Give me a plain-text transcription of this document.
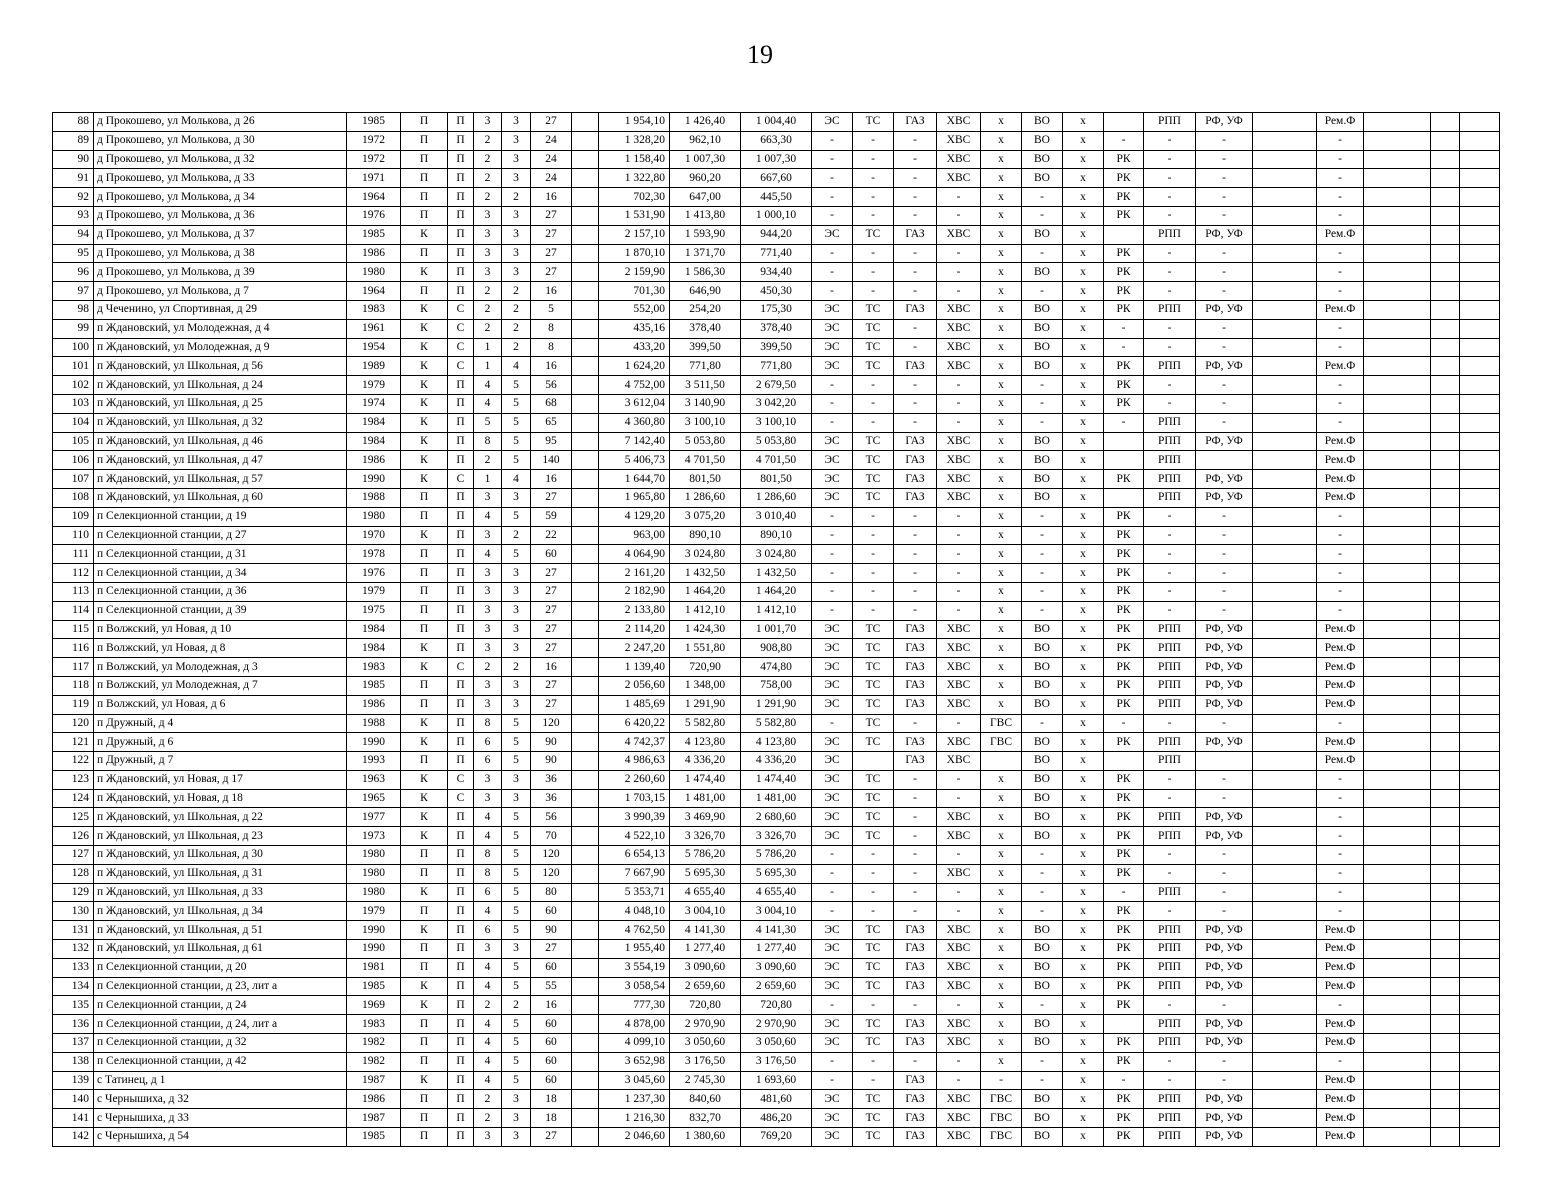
19
88	д Прокошево, ул Молькова, д 26	1985	П	П	3	3	27		1 954,10	1 426,40	1 004,40	ЭС	ТС	ГАЗ	ХВС	х	ВО	х		РПП	РФ, УФ		Рем.Ф			
89	д Прокошево, ул Молькова, д 30	1972	П	П	2	3	24		1 328,20	962,10	663,30	-	-	-	ХВС	х	ВО	х	-	-	-		-			
90	д Прокошево, ул Молькова, д 32	1972	П	П	2	3	24		1 158,40	1 007,30	1 007,30	-	-	-	ХВС	х	ВО	х	РК	-	-		-			
91	д Прокошево, ул Молькова, д 33	1971	П	П	2	3	24		1 322,80	960,20	667,60	-	-	-	ХВС	х	ВО	х	РК	-	-		-			
92	д Прокошево, ул Молькова, д 34	1964	П	П	2	2	16		702,30	647,00	445,50	-	-	-	-	х	-	х	РК	-	-		-			
93	д Прокошево, ул Молькова, д 36	1976	П	П	3	3	27		1 531,90	1 413,80	1 000,10	-	-	-	-	х	-	х	РК	-	-		-			
94	д Прокошево, ул Молькова, д 37	1985	К	П	3	3	27		2 157,10	1 593,90	944,20	ЭС	ТС	ГАЗ	ХВС	х	ВО	х		РПП	РФ, УФ		Рем.Ф			
95	д Прокошево, ул Молькова, д 38	1986	П	П	3	3	27		1 870,10	1 371,70	771,40	-	-	-	-	х	-	х	РК	-	-		-			
96	д Прокошево, ул Молькова, д 39	1980	К	П	3	3	27		2 159,90	1 586,30	934,40	-	-	-	-	х	ВО	х	РК	-	-		-			
97	д Прокошево, ул Молькова, д 7	1964	П	П	2	2	16		701,30	646,90	450,30	-	-	-	-	х	-	х	РК	-	-		-			
98	д Чеченино, ул Спортивная, д 29	1983	К	С	2	2	5		552,00	254,20	175,30	ЭС	ТС	ГАЗ	ХВС	х	ВО	х	РК	РПП	РФ, УФ		Рем.Ф			
99	п Ждановский, ул Молодежная, д 4	1961	К	С	2	2	8		435,16	378,40	378,40	ЭС	ТС	-	ХВС	х	ВО	х	-	-	-		-			
100	п Ждановский, ул Молодежная, д 9	1954	К	С	1	2	8		433,20	399,50	399,50	ЭС	ТС	-	ХВС	х	ВО	х	-	-	-		-			
101	п Ждановский, ул Школьная, д 56	1989	К	С	1	4	16		1 624,20	771,80	771,80	ЭС	ТС	ГАЗ	ХВС	х	ВО	х	РК	РПП	РФ, УФ		Рем.Ф			
102	п Ждановский, ул Школьная, д 24	1979	К	П	4	5	56		4 752,00	3 511,50	2 679,50	-	-	-	-	х	-	х	РК	-	-		-			
103	п Ждановский, ул Школьная, д 25	1974	К	П	4	5	68		3 612,04	3 140,90	3 042,20	-	-	-	-	х	-	х	РК	-	-		-			
104	п Ждановский, ул Школьная, д 32	1984	К	П	5	5	65		4 360,80	3 100,10	3 100,10	-	-	-	-	х	-	х	-	РПП	-		-			
105	п Ждановский, ул Школьная, д 46	1984	К	П	8	5	95		7 142,40	5 053,80	5 053,80	ЭС	ТС	ГАЗ	ХВС	х	ВО	х		РПП	РФ, УФ		Рем.Ф			
106	п Ждановский, ул Школьная, д 47	1986	К	П	2	5	140		5 406,73	4 701,50	4 701,50	ЭС	ТС	ГАЗ	ХВС	х	ВО	х		РПП			Рем.Ф			
107	п Ждановский, ул Школьная, д 57	1990	К	С	1	4	16		1 644,70	801,50	801,50	ЭС	ТС	ГАЗ	ХВС	х	ВО	х	РК	РПП	РФ, УФ		Рем.Ф			
108	п Ждановский, ул Школьная, д 60	1988	П	П	3	3	27		1 965,80	1 286,60	1 286,60	ЭС	ТС	ГАЗ	ХВС	х	ВО	х		РПП	РФ, УФ		Рем.Ф			
109	п Селекционной станции, д 19	1980	П	П	4	5	59		4 129,20	3 075,20	3 010,40	-	-	-	-	х	-	х	РК	-	-		-			
110	п Селекционной станции, д 27	1970	К	П	3	2	22		963,00	890,10	890,10	-	-	-	-	х	-	х	РК	-	-		-			
111	п Селекционной станции, д 31	1978	П	П	4	5	60		4 064,90	3 024,80	3 024,80	-	-	-	-	х	-	х	РК	-	-		-			
112	п Селекционной станции, д 34	1976	П	П	3	3	27		2 161,20	1 432,50	1 432,50	-	-	-	-	х	-	х	РК	-	-		-			
113	п Селекционной станции, д 36	1979	П	П	3	3	27		2 182,90	1 464,20	1 464,20	-	-	-	-	х	-	х	РК	-	-		-			
114	п Селекционной станции, д 39	1975	П	П	3	3	27		2 133,80	1 412,10	1 412,10	-	-	-	-	х	-	х	РК	-	-		-			
115	п Волжский, ул Новая, д 10	1984	П	П	3	3	27		2 114,20	1 424,30	1 001,70	ЭС	ТС	ГАЗ	ХВС	х	ВО	х	РК	РПП	РФ, УФ		Рем.Ф			
116	п Волжский, ул Новая, д 8	1984	К	П	3	3	27		2 247,20	1 551,80	908,80	ЭС	ТС	ГАЗ	ХВС	х	ВО	х	РК	РПП	РФ, УФ		Рем.Ф			
117	п Волжский, ул Молодежная, д 3	1983	К	С	2	2	16		1 139,40	720,90	474,80	ЭС	ТС	ГАЗ	ХВС	х	ВО	х	РК	РПП	РФ, УФ		Рем.Ф			
118	п Волжский, ул Молодежная, д 7	1985	П	П	3	3	27		2 056,60	1 348,00	758,00	ЭС	ТС	ГАЗ	ХВС	х	ВО	х	РК	РПП	РФ, УФ		Рем.Ф			
119	п Волжский, ул Новая, д 6	1986	П	П	3	3	27		1 485,69	1 291,90	1 291,90	ЭС	ТС	ГАЗ	ХВС	х	ВО	х	РК	РПП	РФ, УФ		Рем.Ф			
120	п Дружный, д 4	1988	К	П	8	5	120		6 420,22	5 582,80	5 582,80	-	ТС	-	-	ГВС	-	х	-	-	-		-			
121	п Дружный, д 6	1990	К	П	6	5	90		4 742,37	4 123,80	4 123,80	ЭС	ТС	ГАЗ	ХВС	ГВС	ВО	х	РК	РПП	РФ, УФ		Рем.Ф			
122	п Дружный, д 7	1993	П	П	6	5	90		4 986,63	4 336,20	4 336,20	ЭС		ГАЗ	ХВС		ВО	х		РПП			Рем.Ф			
123	п Ждановский, ул Новая, д 17	1963	К	С	3	3	36		2 260,60	1 474,40	1 474,40	ЭС	ТС	-	-	х	ВО	х	РК	-	-		-			
124	п Ждановский, ул Новая, д 18	1965	К	С	3	3	36		1 703,15	1 481,00	1 481,00	ЭС	ТС	-	-	х	ВО	х	РК	-	-		-			
125	п Ждановский, ул Школьная, д 22	1977	К	П	4	5	56		3 990,39	3 469,90	2 680,60	ЭС	ТС	-	ХВС	х	ВО	х	РК	РПП	РФ, УФ		-			
126	п Ждановский, ул Школьная, д 23	1973	К	П	4	5	70		4 522,10	3 326,70	3 326,70	ЭС	ТС	-	ХВС	х	ВО	х	РК	РПП	РФ, УФ		-			
127	п Ждановский, ул Школьная, д 30	1980	П	П	8	5	120		6 654,13	5 786,20	5 786,20	-	-	-	-	х	-	х	РК	-	-		-			
128	п Ждановский, ул Школьная, д 31	1980	П	П	8	5	120		7 667,90	5 695,30	5 695,30	-	-	-	ХВС	х	-	х	РК	-	-		-			
129	п Ждановский, ул Школьная, д 33	1980	К	П	6	5	80		5 353,71	4 655,40	4 655,40	-	-	-	-	х	-	х	-	РПП	-		-			
130	п Ждановский, ул Школьная, д 34	1979	П	П	4	5	60		4 048,10	3 004,10	3 004,10	-	-	-	-	х	-	х	РК	-	-		-			
131	п Ждановский, ул Школьная, д 51	1990	К	П	6	5	90		4 762,50	4 141,30	4 141,30	ЭС	ТС	ГАЗ	ХВС	х	ВО	х	РК	РПП	РФ, УФ		Рем.Ф			
132	п Ждановский, ул Школьная, д 61	1990	П	П	3	3	27		1 955,40	1 277,40	1 277,40	ЭС	ТС	ГАЗ	ХВС	х	ВО	х	РК	РПП	РФ, УФ		Рем.Ф			
133	п Селекционной станции, д 20	1981	П	П	4	5	60		3 554,19	3 090,60	3 090,60	ЭС	ТС	ГАЗ	ХВС	х	ВО	х	РК	РПП	РФ, УФ		Рем.Ф			
134	п Селекционной станции, д 23, лит а	1985	К	П	4	5	55		3 058,54	2 659,60	2 659,60	ЭС	ТС	ГАЗ	ХВС	х	ВО	х	РК	РПП	РФ, УФ		Рем.Ф			
135	п Селекционной станции, д 24	1969	К	П	2	2	16		777,30	720,80	720,80	-	-	-	-	х	-	х	РК	-	-		-			
136	п Селекционной станции, д 24, лит а	1983	П	П	4	5	60		4 878,00	2 970,90	2 970,90	ЭС	ТС	ГАЗ	ХВС	х	ВО	х		РПП	РФ, УФ		Рем.Ф			
137	п Селекционной станции, д 32	1982	П	П	4	5	60		4 099,10	3 050,60	3 050,60	ЭС	ТС	ГАЗ	ХВС	х	ВО	х	РК	РПП	РФ, УФ		Рем.Ф			
138	п Селекционной станции, д 42	1982	П	П	4	5	60		3 652,98	3 176,50	3 176,50	-	-	-	-	х	-	х	РК	-	-		-			
139	с Татинец, д 1	1987	К	П	4	5	60		3 045,60	2 745,30	1 693,60	-	-	ГАЗ	-	-	-	х	-	-	-		Рем.Ф			
140	с Чернышиха, д 32	1986	П	П	2	3	18		1 237,30	840,60	481,60	ЭС	ТС	ГАЗ	ХВС	ГВС	ВО	х	РК	РПП	РФ, УФ		Рем.Ф			
141	с Чернышиха, д 33	1987	П	П	2	3	18		1 216,30	832,70	486,20	ЭС	ТС	ГАЗ	ХВС	ГВС	ВО	х	РК	РПП	РФ, УФ		Рем.Ф			
142	с Чернышиха, д 54	1985	П	П	3	3	27		2 046,60	1 380,60	769,20	ЭС	ТС	ГАЗ	ХВС	ГВС	ВО	х	РК	РПП	РФ, УФ		Рем.Ф			
